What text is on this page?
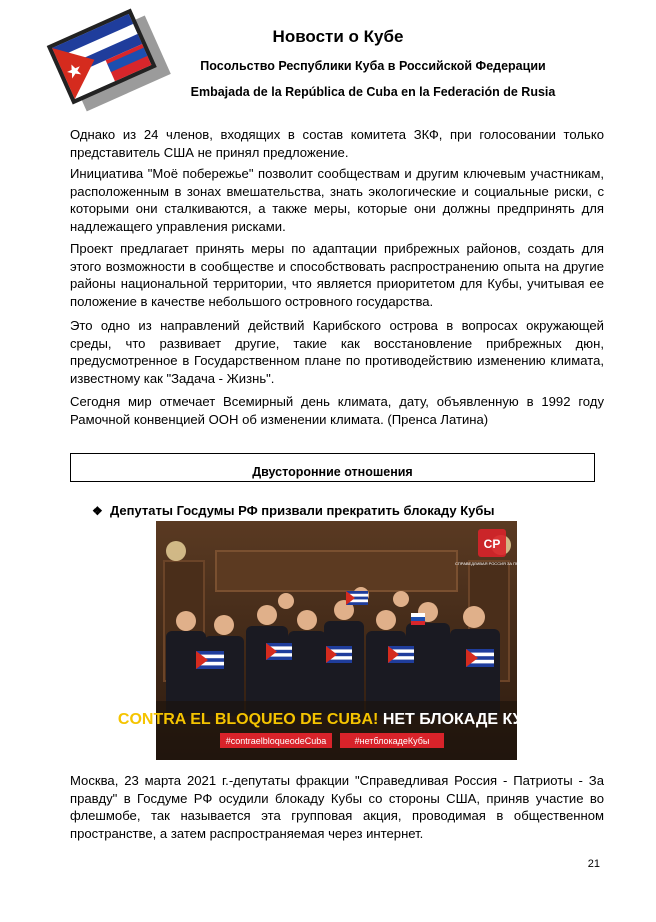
Новости о Кубе
Посольство Республики Куба в Российской Федерации
Embajada de la República de Cuba en la Federación de Rusia

Однако из 24 членов, входящих в состав комитета ЗКФ, при голосовании только представитель США не принял предложение.

Инициатива "Моё побережье" позволит сообществам и другим ключевым участникам, расположенным в зонах вмешательства, знать экологические и социальные риски, с которыми они сталкиваются, а также меры, которые они должны предпринять для надлежащего управления рисками.

Проект предлагает принять меры по адаптации прибрежных районов, создать для этого возможности в сообществе и способствовать распространению опыта на другие районы национальной территории, что является приоритетом для Кубы, учитывая ее положение в качестве небольшого островного государства.

Это одно из направлений действий Карибского острова в вопросах окружающей среды, что развивает другие, такие как восстановление прибрежных дюн, предусмотренное в Государственном плане по противодействию изменению климата, известному как "Задача - Жизнь".

Сегодня мир отмечает Всемирный день климата, дату, объявленную в 1992 году Рамочной конвенцией ООН об изменении климата. (Пренса Латина)

Двусторонние отношения
❖ Депутаты Госдумы РФ призвали прекратить блокаду Кубы
СР
СПРАВЕДЛИВАЯ РОССИЯ ЗА ПРАВДУ
CONTRA EL BLOQUEO DE CUBA! НЕТ БЛОКАДЕ КУБЫ!
#contraelbloqueodeCuba	#нетблокадеКубы

Москва, 23 марта 2021 г.-депутаты фракции "Справедливая Россия - Патриоты - За правду" в Госдуме РФ осудили блокаду Кубы со стороны США, приняв участие во флешмобе, так называется эта групповая акция, проводимая в общественном пространстве, а затем распространяемая через интернет.

21
